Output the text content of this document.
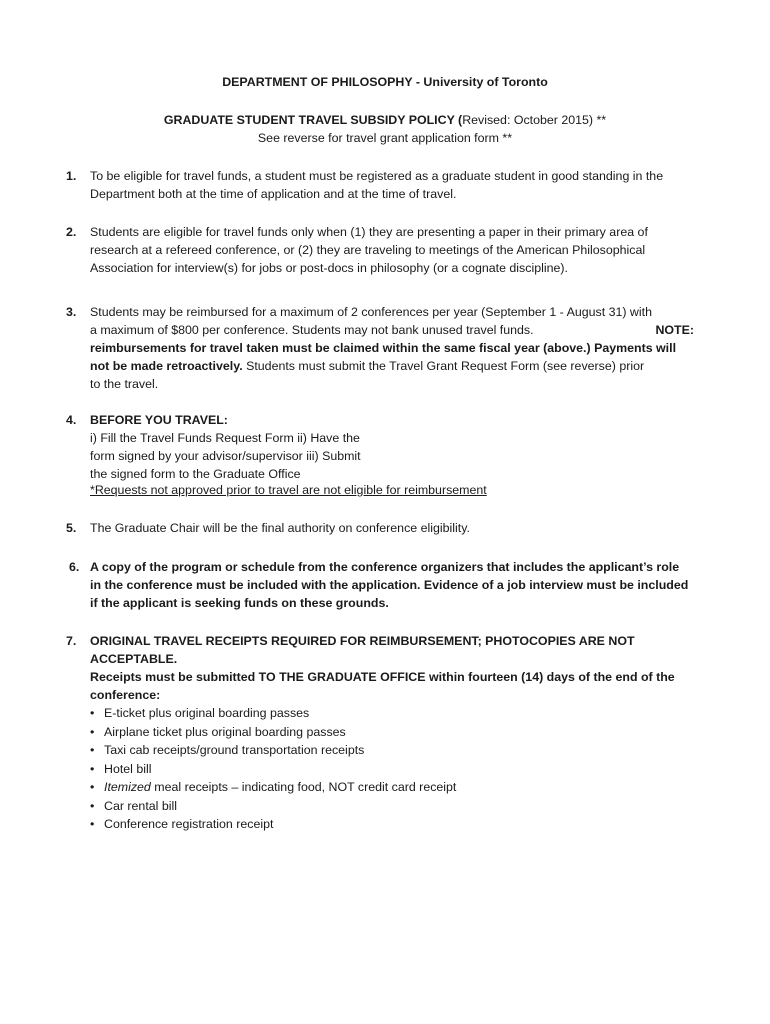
DEPARTMENT OF PHILOSOPHY - University of Toronto

GRADUATE STUDENT TRAVEL SUBSIDY POLICY (Revised: October 2015) **

See reverse for travel grant application form **

1.	To be eligible for travel funds, a student must be registered as a graduate student in good standing in the
Department both at the time of application and at the time of travel.
2.	Students are eligible for travel funds only when (1) they are presenting a paper in their primary area of
research at a refereed conference, or (2) they are traveling to meetings of the American Philosophical
Association for interview(s) for jobs or post-docs in philosophy (or a cognate discipline).
3.	Students may be reimbursed for a maximum of 2 conferences per year (September 1 - August 31) with
a maximum of $800 per conference. Students may not bank unused travel funds.	NOTE:
reimbursements for travel taken must be claimed within the same fiscal year (above.) Payments will
not be made retroactively. Students must submit the Travel Grant Request Form (see reverse) prior
to the travel.
4.	BEFORE YOU TRAVEL:
i) Fill the Travel Funds Request Form ii) Have the
form signed by your advisor/supervisor iii) Submit
the signed form to the Graduate Office
*Requests not approved prior to travel are not eligible for reimbursement
5.	The Graduate Chair will be the final authority on conference eligibility.
6. A copy of the program or schedule from the conference organizers that includes the applicant’s role
in the conference must be included with the application. Evidence of a job interview must be included
if the applicant is seeking funds on these grounds.
7.	ORIGINAL TRAVEL RECEIPTS REQUIRED FOR REIMBURSEMENT; PHOTOCOPIES ARE NOT ACCEPTABLE.
Receipts must be submitted TO THE GRADUATE OFFICE within fourteen (14) days of the end of the
conference:
• E-ticket plus original boarding passes
• Airplane ticket plus original boarding passes
• Taxi cab receipts/ground transportation receipts
• Hotel bill
• Itemized meal receipts – indicating food, NOT credit card receipt
• Car rental bill
• Conference registration receipt
